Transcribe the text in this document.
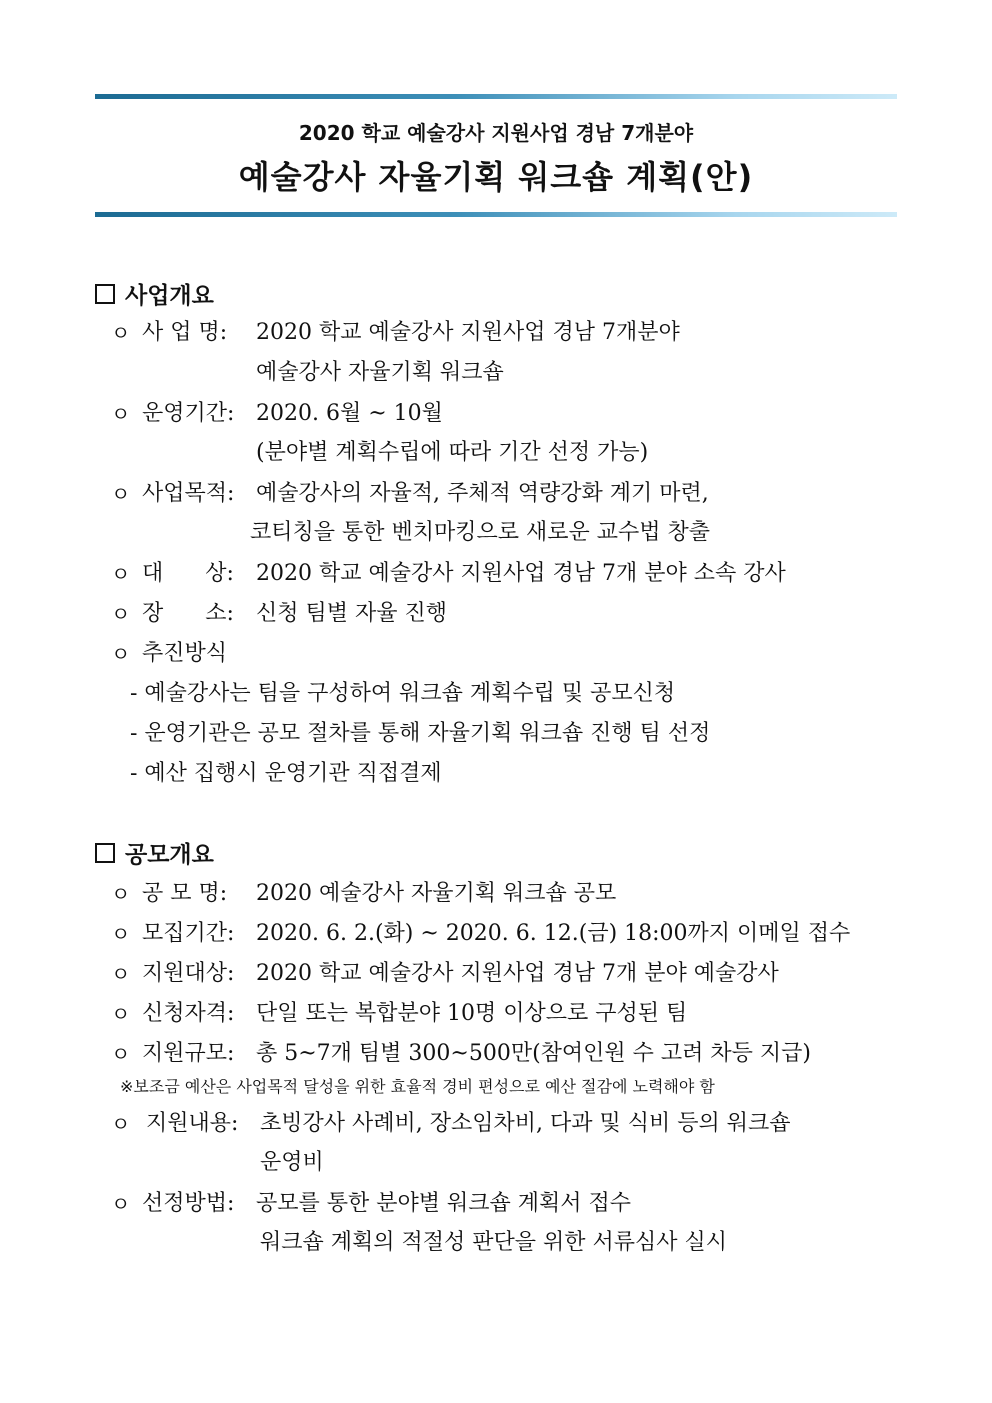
2020 학교 예술강사 지원사업 경남 7개분야
예술강사 자율기획 워크숍 계획(안)
사업개요
ㅇ 사 업 명: 2020 학교 예술강사 지원사업 경남 7개분야
예술강사 자율기획 워크숍
ㅇ 운영기간: 2020. 6월 ~ 10월
(분야별 계획수립에 따라 기간 선정 가능)
ㅇ 사업목적: 예술강사의 자율적, 주체적 역량강화 계기 마련,
코티칭을 통한 벤치마킹으로 새로운 교수법 창출
ㅇ 대      상: 2020 학교 예술강사 지원사업 경남 7개 분야 소속 강사
ㅇ 장      소: 신청 팀별 자율 진행
ㅇ 추진방식
- 예술강사는 팀을 구성하여 워크숍 계획수립 및 공모신청
- 운영기관은 공모 절차를 통해 자율기획 워크숍 진행 팀 선정
- 예산 집행시 운영기관 직접결제
공모개요
ㅇ 공 모 명: 2020 예술강사 자율기획 워크숍 공모
ㅇ 모집기간: 2020. 6. 2.(화) ~ 2020. 6. 12.(금) 18:00까지 이메일 접수
ㅇ 지원대상: 2020 학교 예술강사 지원사업 경남 7개 분야 예술강사
ㅇ 신청자격: 단일 또는 복합분야 10명 이상으로 구성된 팀
ㅇ 지원규모: 총 5~7개 팀별 300~500만(참여인원 수 고려 차등 지급)
※보조금 예산은 사업목적 달성을 위한 효율적 경비 편성으로 예산 절감에 노력해야 함
ㅇ 지원내용: 초빙강사 사례비, 장소임차비, 다과 및 식비 등의 워크숍
운영비
ㅇ 선정방법: 공모를 통한 분야별 워크숍 계획서 접수
워크숍 계획의 적절성 판단을 위한 서류심사 실시
